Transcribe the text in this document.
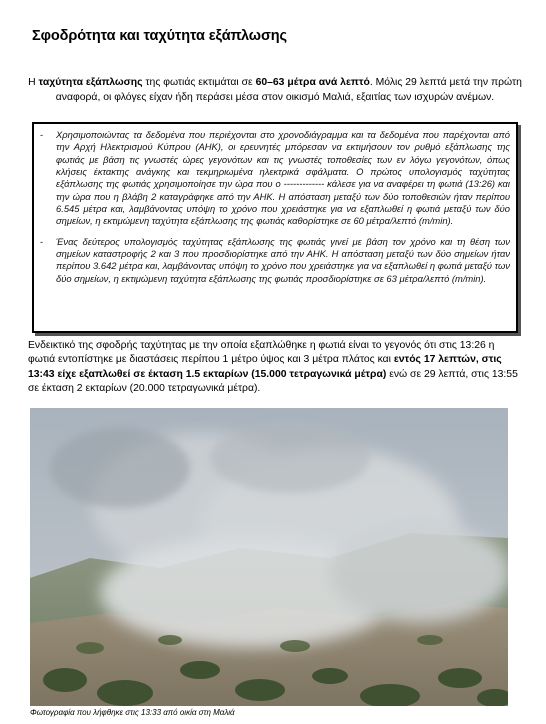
Σφοδρότητα και ταχύτητα εξάπλωσης
Η ταχύτητα εξάπλωσης της φωτιάς εκτιμάται σε 60–63 μέτρα ανά λεπτό. Μόλις 29 λεπτά μετά την πρώτη αναφορά, οι φλόγες είχαν ήδη περάσει μέσα στον οικισμό Μαλιά, εξαιτίας των ισχυρών ανέμων.
-	Χρησιμοποιώντας τα δεδομένα που περιέχονται στο χρονοδιάγραμμα και τα δεδομένα που παρέχονται από την Αρχή Ηλεκτρισμού Κύπρου (ΑΗΚ), οι ερευνητές μπόρεσαν να εκτιμήσουν τον ρυθμό εξάπλωσης της φωτιάς με βάση τις γνωστές ώρες γεγονότων και τις γνωστές τοποθεσίες των εν λόγω γεγονότων, όπως κλήσεις έκτακτης ανάγκης και τεκμηριωμένα ηλεκτρικά σφάλματα. Ο πρώτος υπολογισμός ταχύτητας εξάπλωσης της φωτιάς χρησιμοποίησε την ώρα που ο ------------- κάλεσε για να αναφέρει τη φωτιά (13:26) και την ώρα που η βλάβη 2 καταγράφηκε από την ΑΗΚ. Η απόσταση μεταξύ των δύο τοποθεσιών ήταν περίπου 6.545 μέτρα και, λαμβάνοντας υπόψη το χρόνο που χρειάστηκε για να εξαπλωθεί η φωτιά μεταξύ των δύο σημείων, η εκτιμώμενη ταχύτητα εξάπλωσης της φωτιάς καθορίστηκε σε 60 μέτρα/λεπτό (m/min).
-	Ένας δεύτερος υπολογισμός ταχύτητας εξάπλωσης της φωτιάς γινεί με βάση τον χρόνο και τη θέση των σημείων καταστροφής 2 και 3 που προσδιορίστηκε από την ΑΗΚ. Η απόσταση μεταξύ των δύο σημείων ήταν περίπου 3.642 μέτρα και, λαμβάνοντας υπόψη το χρόνο που χρειάστηκε για να εξαπλωθεί η φωτιά μεταξύ των δύο σημείων, η εκτιμώμενη ταχύτητα εξάπλωσης της φωτιάς προσδιορίστηκε σε 63 μέτρα/λεπτό (m/min).
Ενδεικτικό της σφοδρής ταχύτητας με την οποία εξαπλώθηκε η φωτιά είναι το γεγονός ότι στις 13:26 η φωτιά εντοπίστηκε με διαστάσεις περίπου 1 μέτρο ύψος και 3 μέτρα πλάτος και εντός 17 λεπτών, στις 13:43 είχε εξαπλωθεί σε έκταση 1.5 εκταρίων (15.000 τετραγωνικά μέτρα) ενώ σε 29 λεπτά, στις 13:55 σε έκταση 2 εκταρίων (20.000 τετραγωνικά μέτρα).
Φωτογραφία που λήφθηκε στις 13:33 από οικία στη Μαλιά
